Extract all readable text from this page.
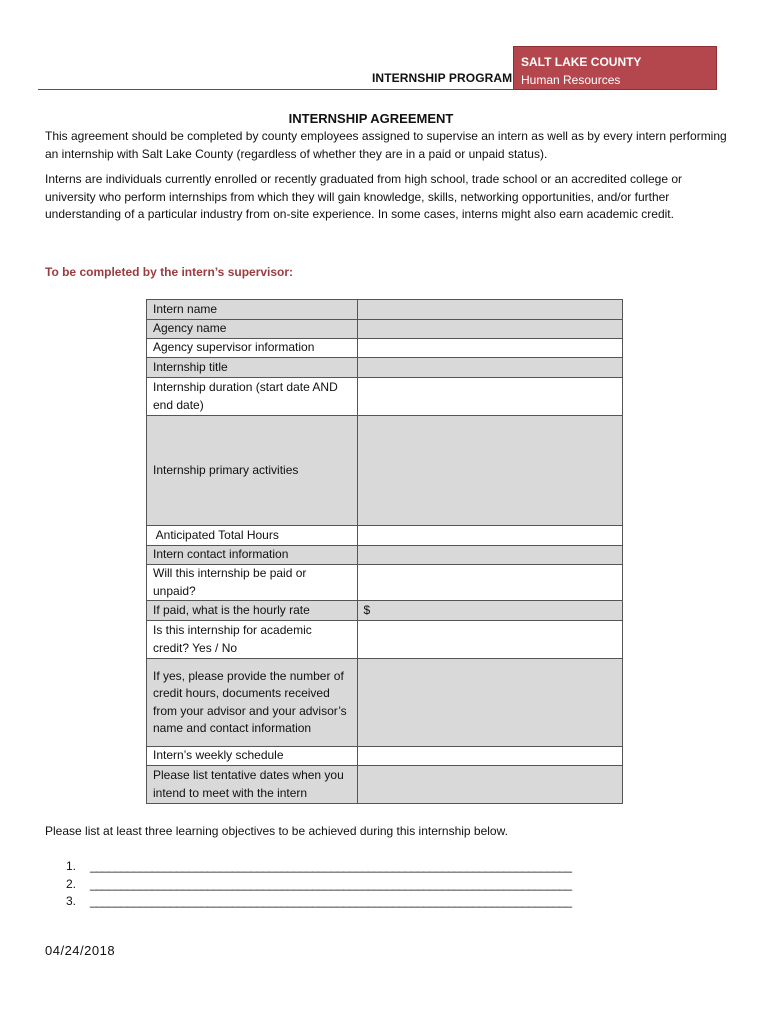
INTERNSHIP PROGRAM
SALT LAKE COUNTY
Human Resources
INTERNSHIP AGREEMENT
This agreement should be completed by county employees assigned to supervise an intern as well as by every intern performing an internship with Salt Lake County (regardless of whether they are in a paid or unpaid status).
Interns are individuals currently enrolled or recently graduated from high school, trade school or an accredited college or university who perform internships from which they will gain knowledge, skills, networking opportunities, and/or further understanding of a particular industry from on-site experience. In some cases, interns might also earn academic credit.
To be completed by the intern’s supervisor:
Intern name	
Agency name	
Agency supervisor information	
Internship title	
Internship duration (start date AND end date)	
Internship primary activities	
Anticipated Total Hours	
Intern contact information	
Will this internship be paid or unpaid?	
If paid, what is the hourly rate	$
Is this internship for academic credit? Yes / No	
If yes, please provide the number of credit hours, documents received from your advisor and your advisor’s name and contact information	
Intern’s weekly schedule	
Please list tentative dates when you intend to meet with the intern	
Please list at least three learning objectives to be achieved during this internship below.
1.	______________________________________________________________________________
2.	______________________________________________________________________________
3.	______________________________________________________________________________
04/24/2018
